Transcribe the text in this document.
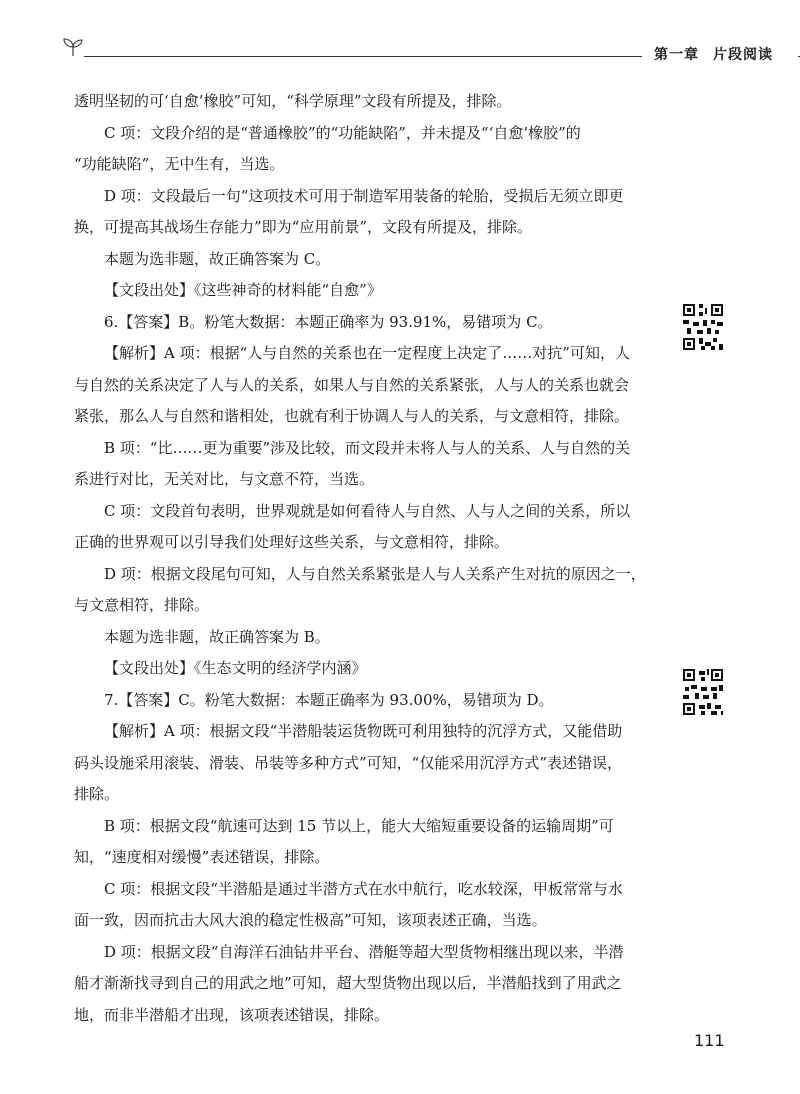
第一章 片段阅读
透明坚韧的可‘自愈’橡胶”可知，“科学原理”文段有所提及，排除。
C 项：文段介绍的是“普通橡胶”的“功能缺陷”，并未提及“‘自愈’橡胶”的
“功能缺陷”，无中生有，当选。
D 项：文段最后一句“这项技术可用于制造军用装备的轮胎，受损后无须立即更
换，可提高其战场生存能力”即为“应用前景”，文段有所提及，排除。
本题为选非题，故正确答案为 C。
【文段出处】《这些神奇的材料能“自愈”》
6.【答案】B。粉笔大数据：本题正确率为 93.91%，易错项为 C。
【解析】A 项：根据“人与自然的关系也在一定程度上决定了……对抗”可知，人
与自然的关系决定了人与人的关系，如果人与自然的关系紧张，人与人的关系也就会
紧张，那么人与自然和谐相处，也就有利于协调人与人的关系，与文意相符，排除。
B 项：“比……更为重要”涉及比较，而文段并未将人与人的关系、人与自然的关
系进行对比，无关对比，与文意不符，当选。
C 项：文段首句表明，世界观就是如何看待人与自然、人与人之间的关系，所以
正确的世界观可以引导我们处理好这些关系，与文意相符，排除。
D 项：根据文段尾句可知，人与自然关系紧张是人与人关系产生对抗的原因之一，
与文意相符，排除。
本题为选非题，故正确答案为 B。
【文段出处】《生态文明的经济学内涵》
7.【答案】C。粉笔大数据：本题正确率为 93.00%，易错项为 D。
【解析】A 项：根据文段“半潜船装运货物既可利用独特的沉浮方式，又能借助
码头设施采用滚装、滑装、吊装等多种方式”可知，“仅能采用沉浮方式”表述错误，
排除。
B 项：根据文段“航速可达到 15 节以上，能大大缩短重要设备的运输周期”可
知，“速度相对缓慢”表述错误，排除。
C 项：根据文段“半潜船是通过半潜方式在水中航行，吃水较深，甲板常常与水
面一致，因而抗击大风大浪的稳定性极高”可知，该项表述正确，当选。
D 项：根据文段“自海洋石油钻井平台、潜艇等超大型货物相继出现以来，半潜
船才渐渐找寻到自己的用武之地”可知，超大型货物出现以后，半潜船找到了用武之
地，而非半潜船才出现，该项表述错误，排除。
111
